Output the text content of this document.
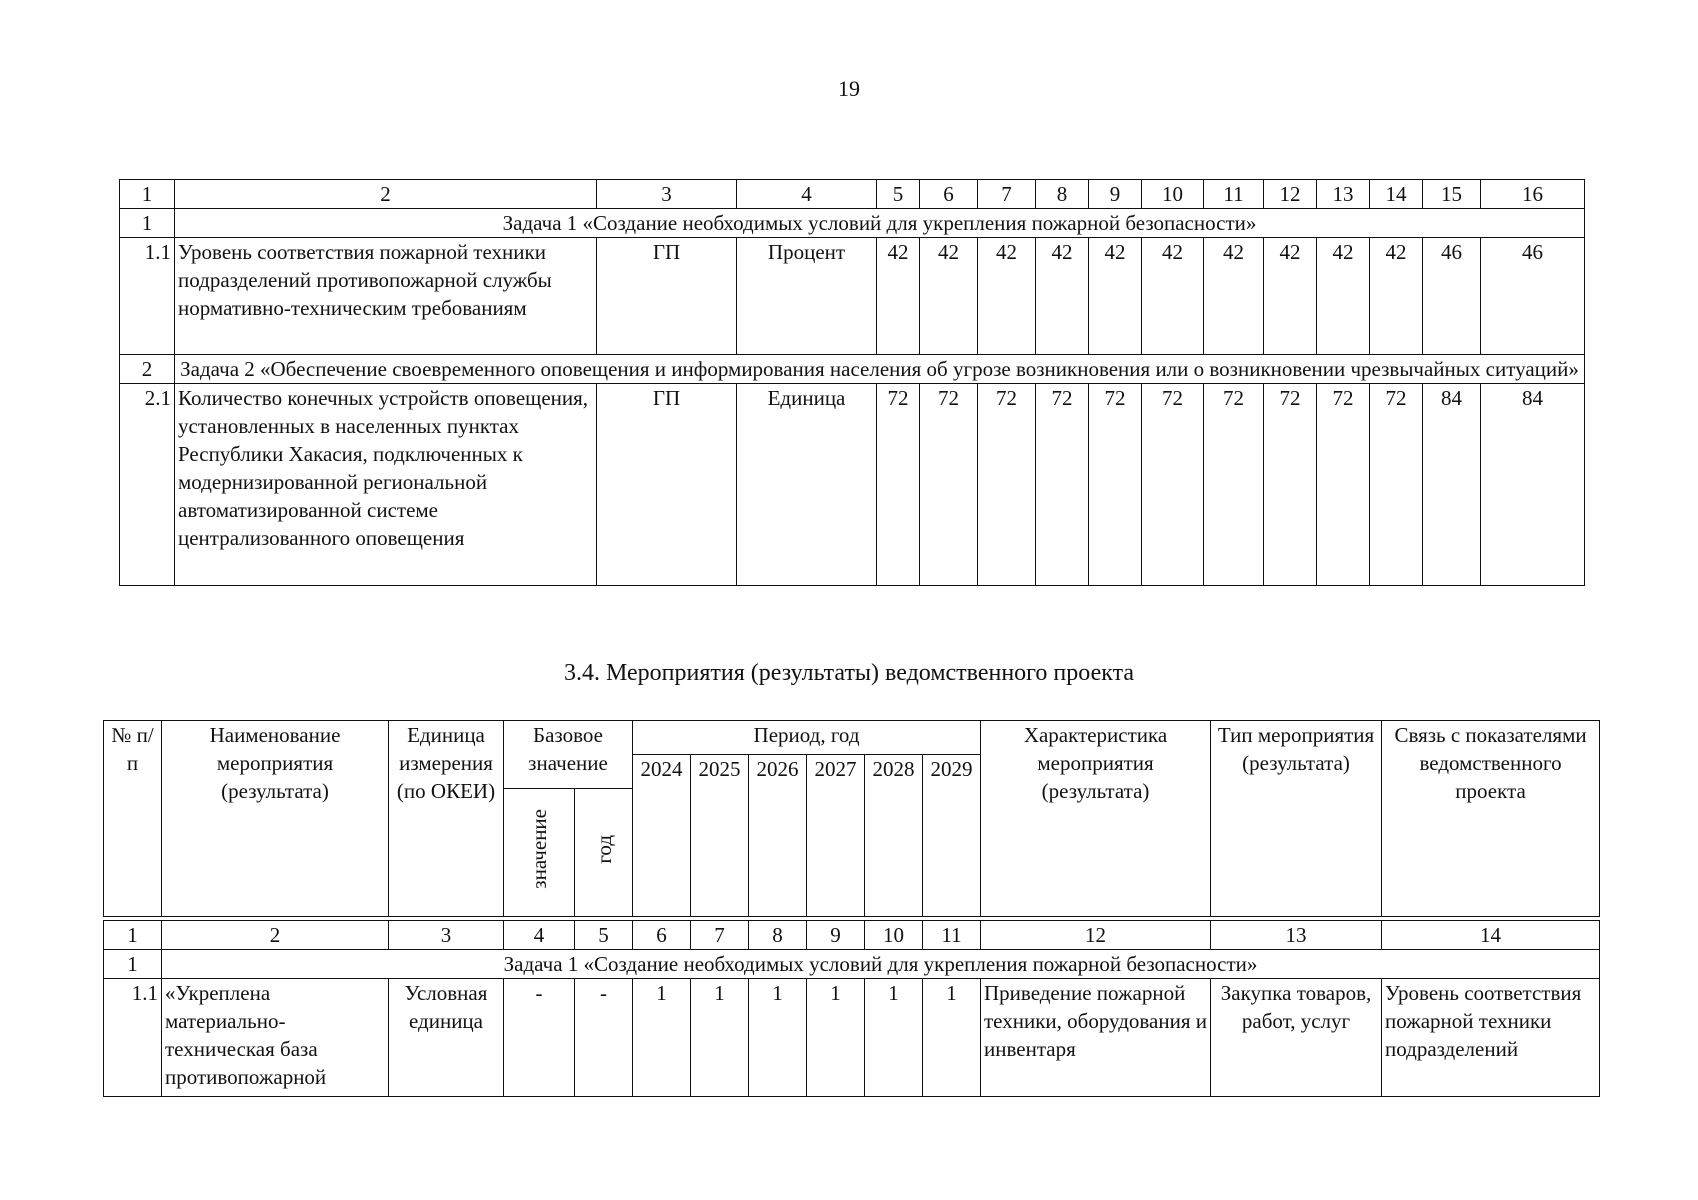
19
1	2	3	4	5	6	7	8	9	10	11	12	13	14	15	16
1	Задача 1 «Создание необходимых условий для укрепления пожарной безопасности»														
1.1	Уровень соответствия пожарной техники подразделений противопожарной службы нормативно-техническим требованиям	ГП	Процент	42	42	42	42	42	42	42	42	42	42	46	46
2	Задача 2 «Обеспечение своевременного оповещения и информирования населения об угрозе возникновения или о возникновении чрезвычайных ситуаций»														
2.1	Количество конечных устройств оповещения, установленных в населенных пунктах Республики Хакасия, подключенных к модернизированной региональной автоматизированной системе централизованного оповещения	ГП	Единица	72	72	72	72	72	72	72	72	72	72	84	84
3.4. Мероприятия (результаты) ведомственного проекта
№ п/п	Наименование мероприятия (результата)	Единица измерения (по ОКЕИ)	Базовое значение		Период, год						Характеристика мероприятия (результата)	Тип мероприятия (результата)	Связь с показателями ведомственного проекта
					2024	2025	2026	2027	2028	2029			
			значение	год									
1	2	3	4	5	6	7	8	9	10	11	12	13	14
1	Задача 1 «Создание необходимых условий для укрепления пожарной безопасности»												
1.1	«Укреплена материально-техническая база противопожарной	Условная единица	-	-	1	1	1	1	1	1	Приведение пожарной техники, оборудования и инвентаря	Закупка товаров, работ, услуг	Уровень соответствия пожарной техники подразделений
